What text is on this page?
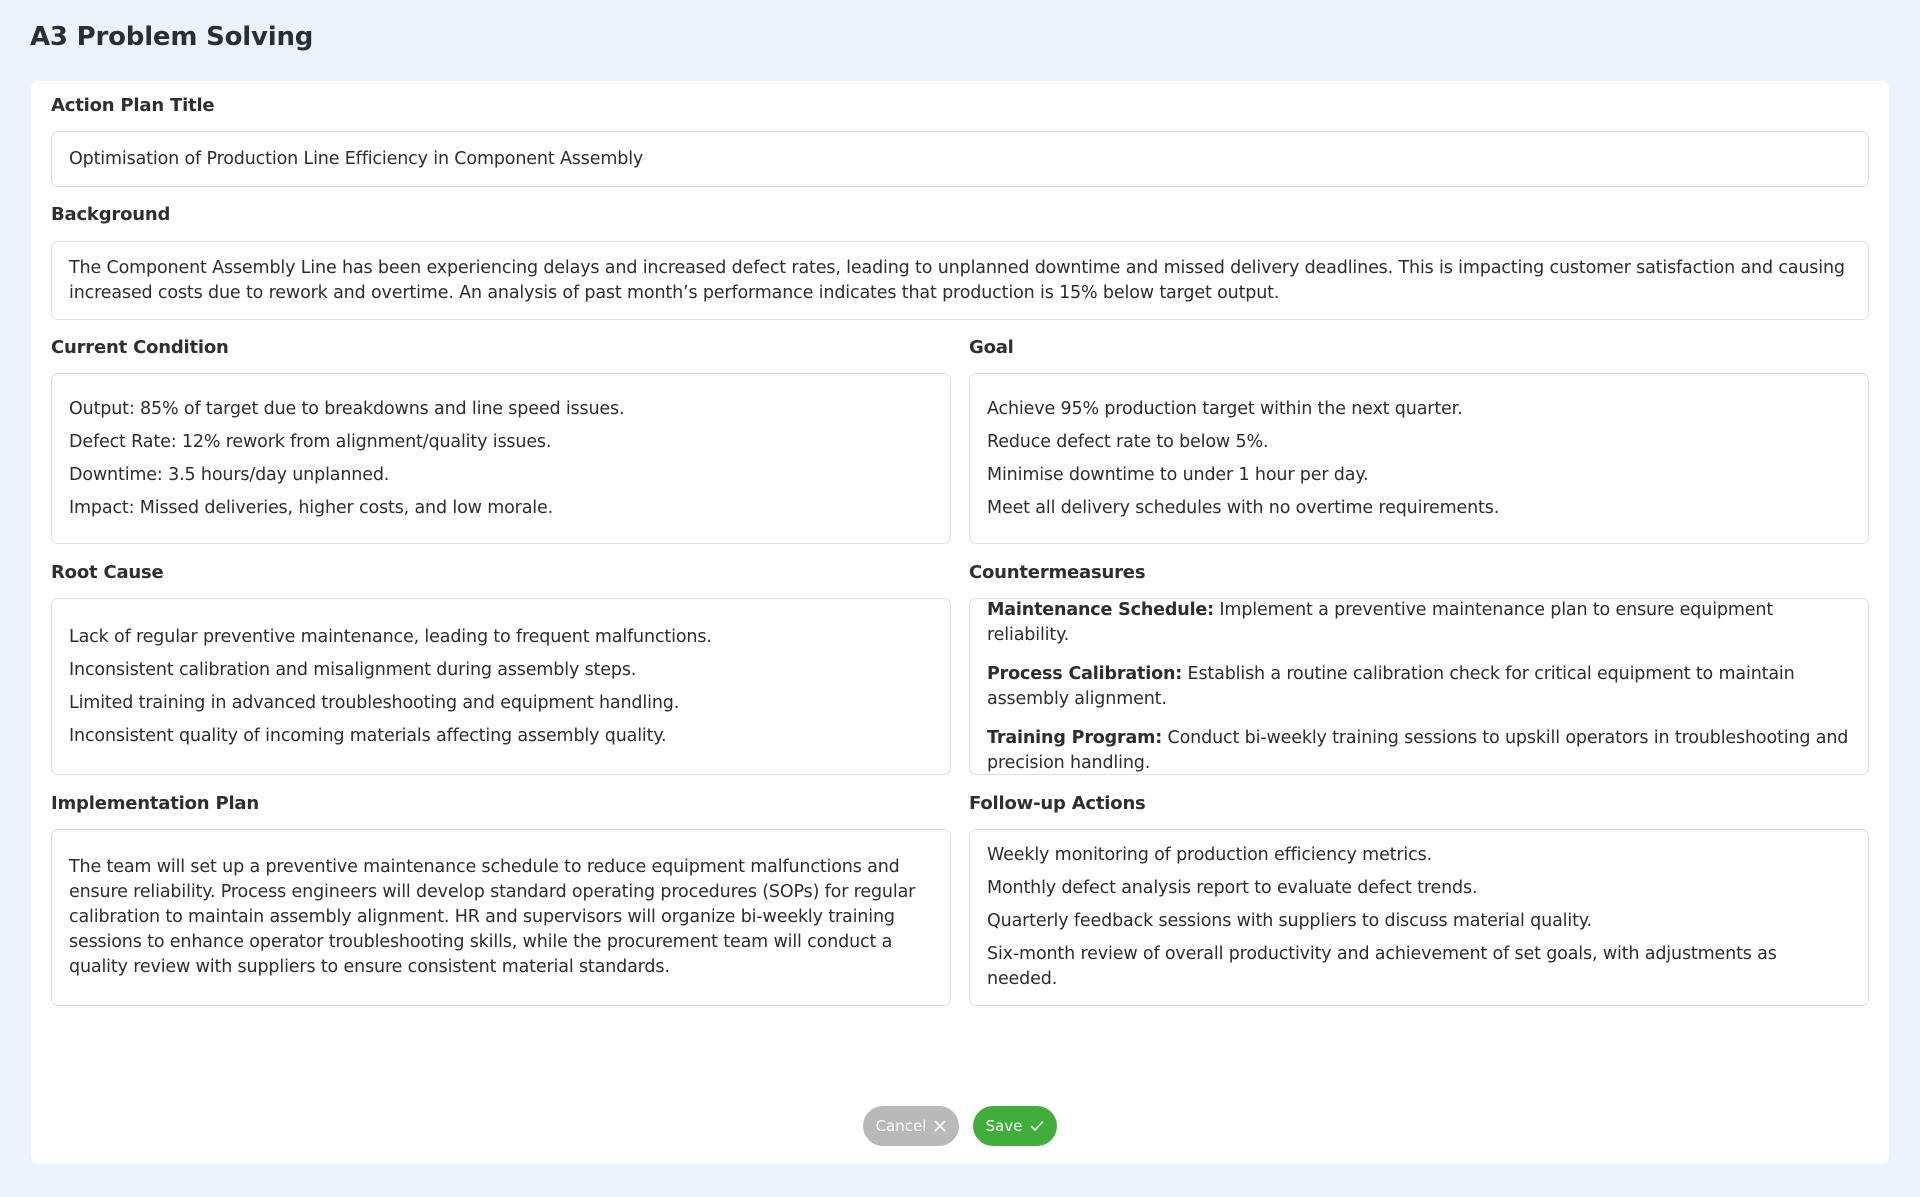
A3 Problem Solving
Action Plan Title
Optimisation of Production Line Efficiency in Component Assembly
Background
The Component Assembly Line has been experiencing delays and increased defect rates, leading to unplanned downtime and missed delivery deadlines. This is impacting customer satisfaction and causing increased costs due to rework and overtime. An analysis of past month’s performance indicates that production is 15% below target output.
Current Condition
Output: 85% of target due to breakdowns and line speed issues.
Defect Rate: 12% rework from alignment/quality issues.
Downtime: 3.5 hours/day unplanned.
Impact: Missed deliveries, higher costs, and low morale.
Goal
Achieve 95% production target within the next quarter.
Reduce defect rate to below 5%.
Minimise downtime to under 1 hour per day.
Meet all delivery schedules with no overtime requirements.
Root Cause
Lack of regular preventive maintenance, leading to frequent malfunctions.
Inconsistent calibration and misalignment during assembly steps.
Limited training in advanced troubleshooting and equipment handling.
Inconsistent quality of incoming materials affecting assembly quality.
Countermeasures
Maintenance Schedule: Implement a preventive maintenance plan to ensure equipment reliability.
Process Calibration: Establish a routine calibration check for critical equipment to maintain assembly alignment.
Training Program: Conduct bi-weekly training sessions to upskill operators in troubleshooting and precision handling.
Implementation Plan
The team will set up a preventive maintenance schedule to reduce equipment malfunctions and ensure reliability. Process engineers will develop standard operating procedures (SOPs) for regular calibration to maintain assembly alignment. HR and supervisors will organize bi-weekly training sessions to enhance operator troubleshooting skills, while the procurement team will conduct a quality review with suppliers to ensure consistent material standards.
Follow-up Actions
Weekly monitoring of production efficiency metrics.
Monthly defect analysis report to evaluate defect trends.
Quarterly feedback sessions with suppliers to discuss material quality.
Six-month review of overall productivity and achievement of set goals, with adjustments as needed.
Cancel	Save
